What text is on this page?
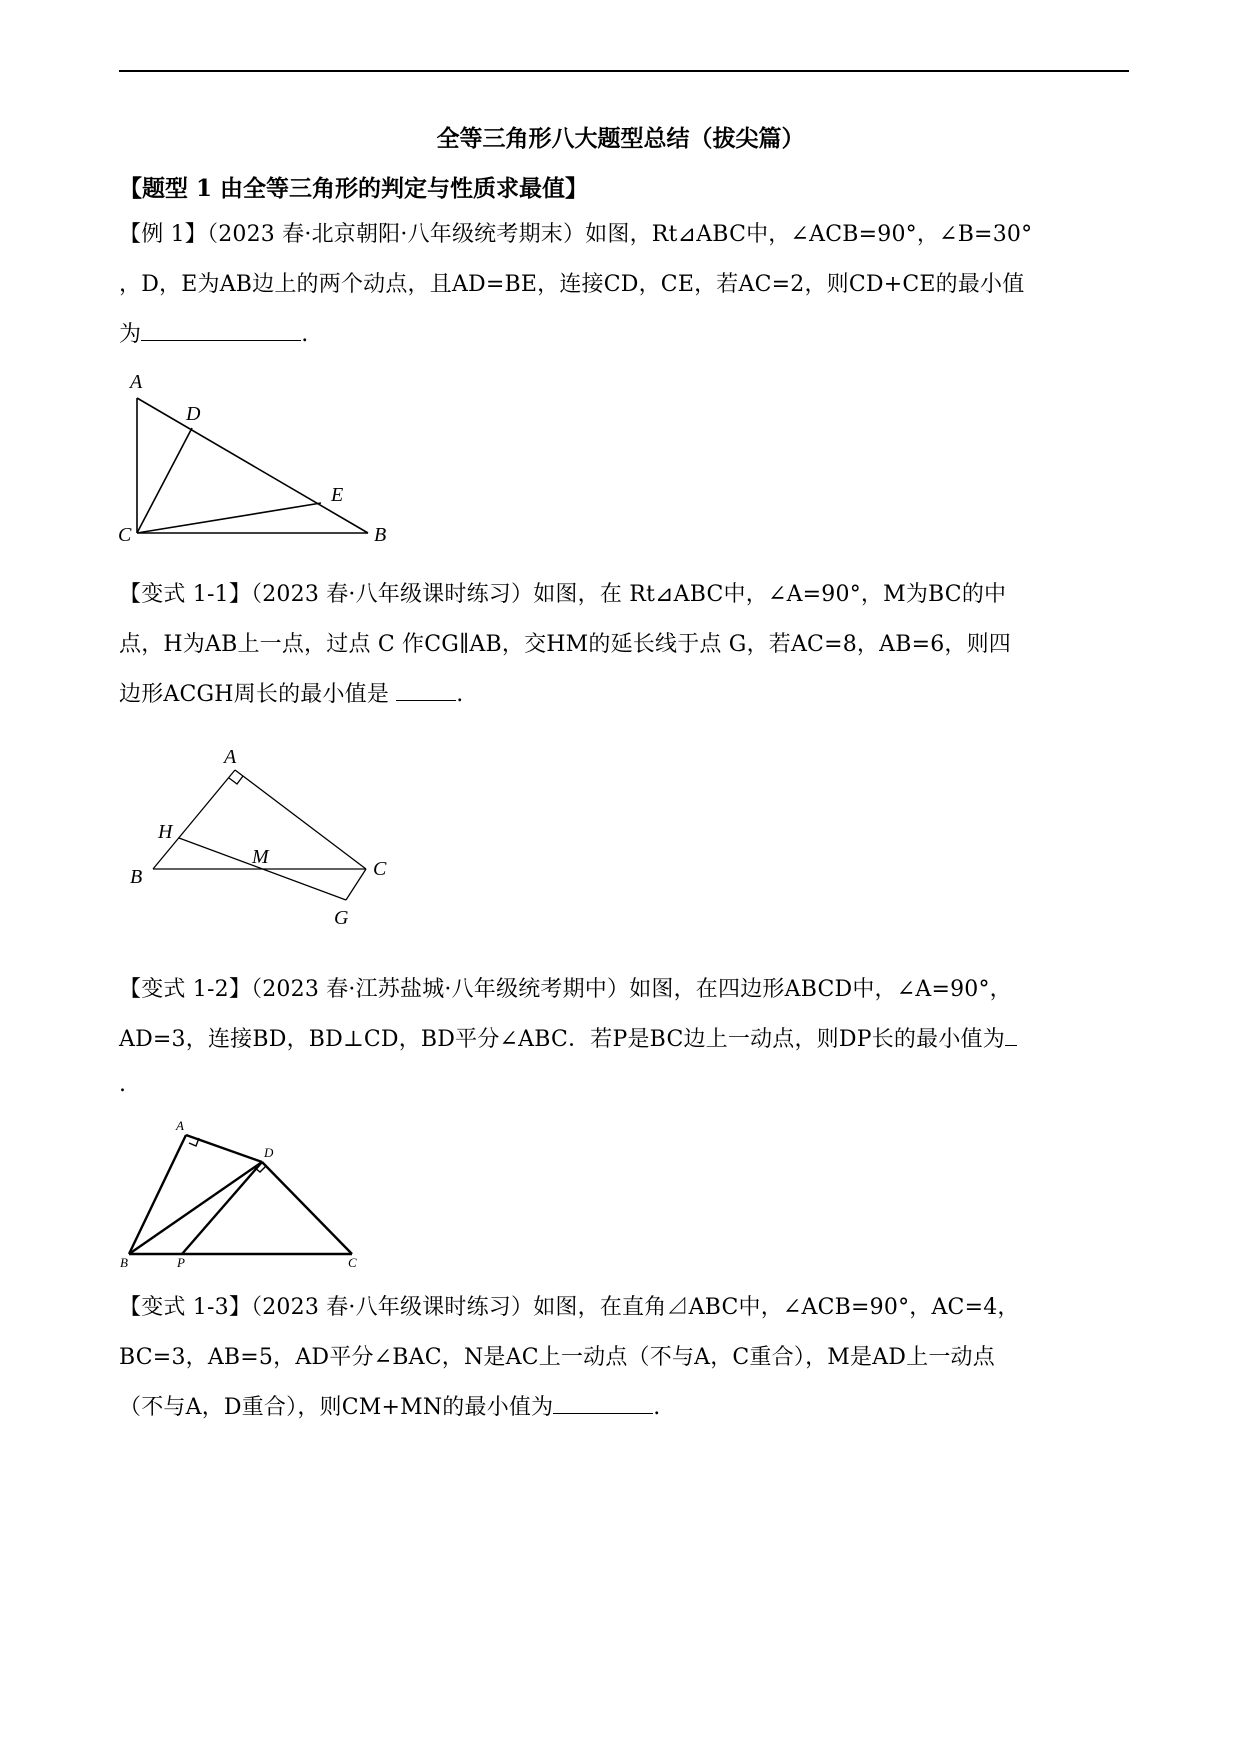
全等三角形八大题型总结（拔尖篇）
【题型 1 由全等三角形的判定与性质求最值】
【例 1】（2023 春·北京朝阳·八年级统考期末）如图，Rt⊿ABC中，∠ACB=90°，∠B=30°
，D，E为AB边上的两个动点，且AD=BE，连接CD，CE，若AC=2，则CD+CE的最小值
为	.
A
D
E
C	B
【变式 1-1】（2023 春·八年级课时练习）如图，在 Rt⊿ABC中，∠A=90°，M为BC的中
点，H为AB上一点，过点 C 作CG∥AB，交HM的延长线于点 G，若AC=8，AB=6，则四
边形ACGH周长的最小值是	.
A
H
M
B	C
G
【变式 1-2】（2023 春·江苏盐城·八年级统考期中）如图，在四边形ABCD中，∠A=90°，
AD=3，连接BD，BD⊥CD，BD平分∠ABC．若P是BC边上一动点，则DP长的最小值为
.
A
D
B	P	C
【变式 1-3】（2023 春·八年级课时练习）如图，在直角⊿ABC中，∠ACB=90°，AC=4，
BC=3，AB=5，AD平分∠BAC，N是AC上一动点（不与A，C重合），M是AD上一动点
（不与A，D重合），则CM+MN的最小值为	.
